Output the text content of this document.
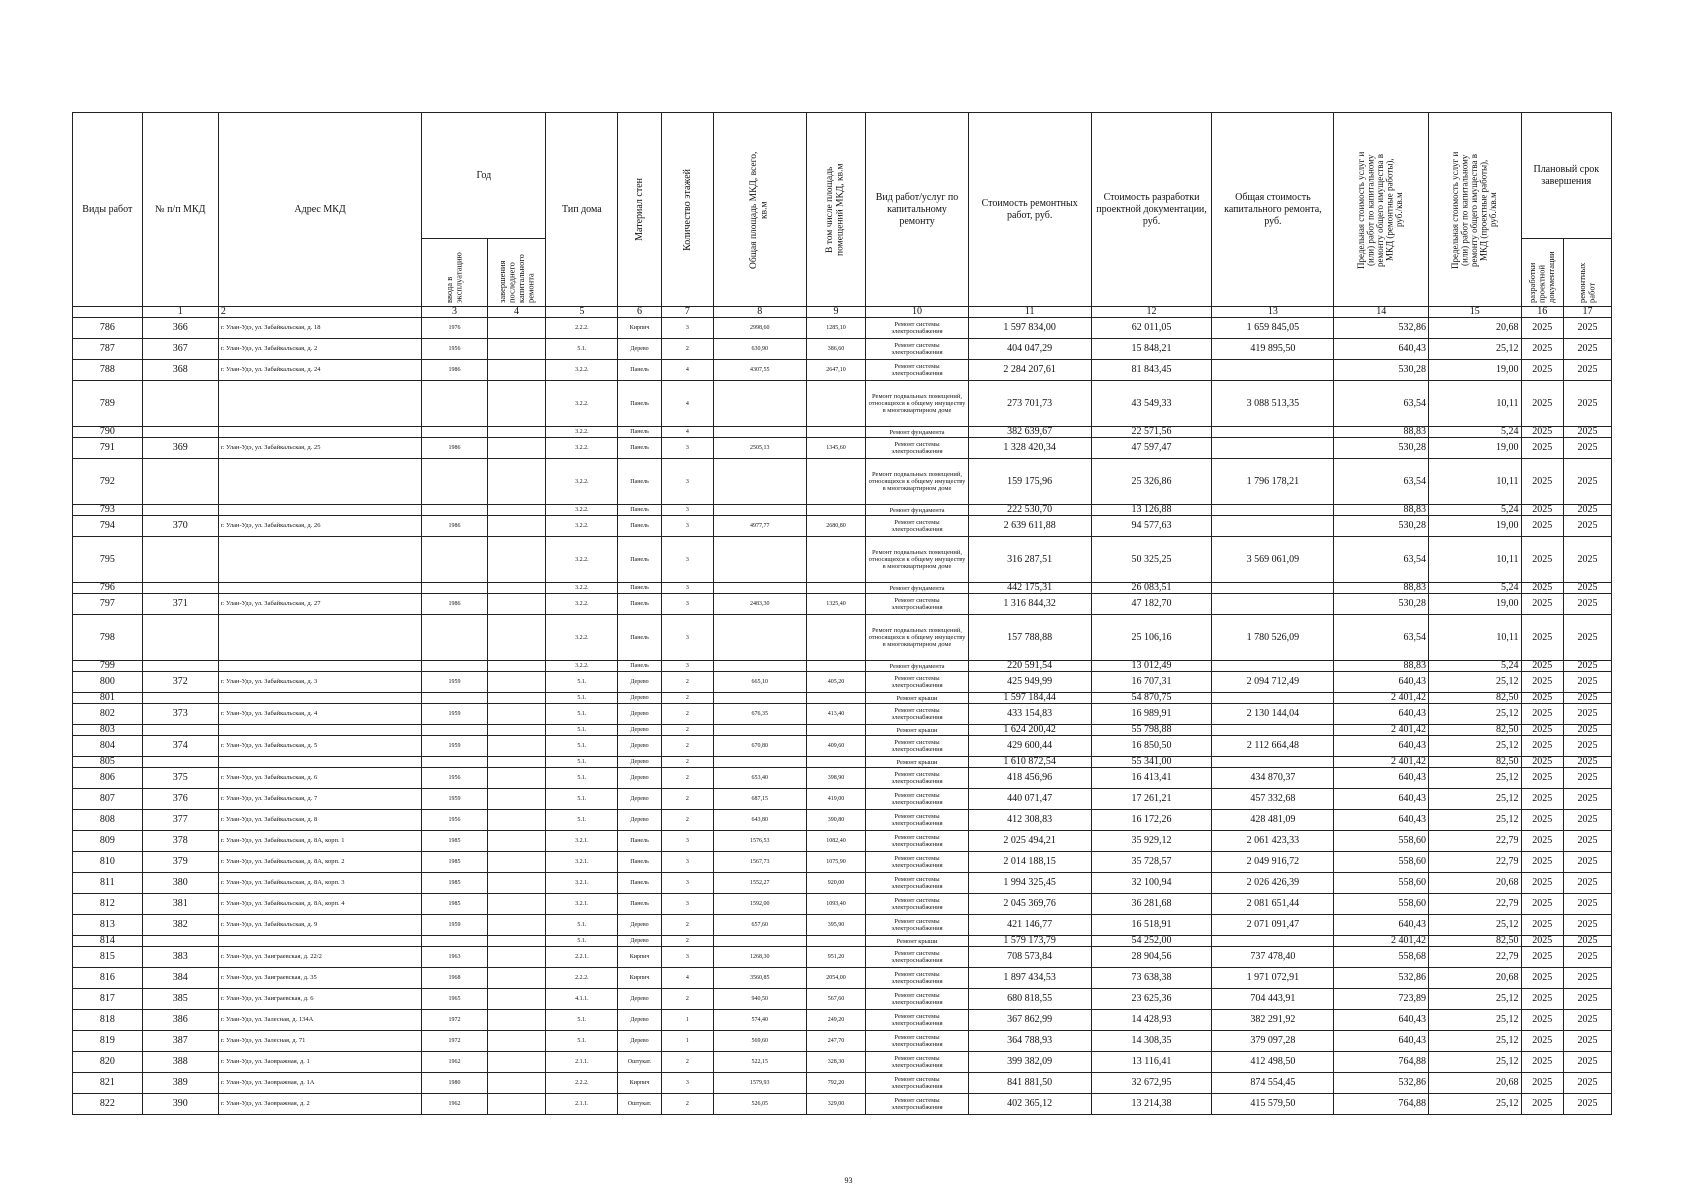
Виды работ	№ п/п МКД	Адрес МКД	Год		Тип дома	Материал стен	Количество этажей	Общая площадь МКД, всего, кв.м	В том числе площадь помещений МКД, кв.м	Вид работ/услуг по капитальному ремонту	Стоимость ремонтных работ, руб.	Стоимость разработки проектной документации, руб.	Общая стоимость капитального ремонта, руб.	Предельная стоимость услуг и (или) работ по капитальному ремонту общего имущества в МКД (ремонтные работы), руб./кв.м	Предельная стоимость услуг и (или) работ по капитальному ремонту общего имущества в МКД (проектные работы), руб./кв.м	Плановый срок завершения	

			ввода в эксплуатацию	завершения последнего капитального ремонта												разработки проектной документации	ремонтных работ

	1	2	3	4	5	6	7	8	9	10	11	12	13	14	15	16	17
786	366	г. Улан-Удэ, ул. Забайкальская, д. 18	1976		2.2.2.	Кирпич	3	2998,60	1285,10	Ремонт системы электроснабжения	1 597 834,00	62 011,05	1 659 845,05	532,86	20,68	2025	2025
787	367	г. Улан-Удэ, ул. Забайкальская, д. 2	1956		5.1.	Дерево	2	630,90	386,60	Ремонт системы электроснабжения	404 047,29	15 848,21	419 895,50	640,43	25,12	2025	2025
788	368	г. Улан-Удэ, ул. Забайкальская, д. 24	1986		3.2.2.	Панель	4	4307,55	2647,10	Ремонт системы электроснабжения	2 284 207,61	81 843,45		530,28	19,00	2025	2025
789					3.2.2.	Панель	4			Ремонт подвальных помещений, относящихся к общему имуществу в многоквартирном доме	273 701,73	43 549,33	3 088 513,35	63,54	10,11	2025	2025
790					3.2.2.	Панель	4			Ремонт фундамента	382 639,67	22 571,56		88,83	5,24	2025	2025
791	369	г. Улан-Удэ, ул. Забайкальская, д. 25	1986		3.2.2.	Панель	3	2505,13	1345,60	Ремонт системы электроснабжения	1 328 420,34	47 597,47		530,28	19,00	2025	2025
792					3.2.2.	Панель	3			Ремонт подвальных помещений, относящихся к общему имуществу в многоквартирном доме	159 175,96	25 326,86	1 796 178,21	63,54	10,11	2025	2025
793					3.2.2.	Панель	3			Ремонт фундамента	222 530,70	13 126,88		88,83	5,24	2025	2025
794	370	г. Улан-Удэ, ул. Забайкальская, д. 26	1986		3.2.2.	Панель	3	4977,77	2680,80	Ремонт системы электроснабжения	2 639 611,88	94 577,63		530,28	19,00	2025	2025
795					3.2.2.	Панель	3			Ремонт подвальных помещений, относящихся к общему имуществу в многоквартирном доме	316 287,51	50 325,25	3 569 061,09	63,54	10,11	2025	2025
796					3.2.2.	Панель	3			Ремонт фундамента	442 175,31	26 083,51		88,83	5,24	2025	2025
797	371	г. Улан-Удэ, ул. Забайкальская, д. 27	1986		3.2.2.	Панель	3	2483,30	1325,40	Ремонт системы электроснабжения	1 316 844,32	47 182,70		530,28	19,00	2025	2025
798					3.2.2.	Панель	3			Ремонт подвальных помещений, относящихся к общему имуществу в многоквартирном доме	157 788,88	25 106,16	1 780 526,09	63,54	10,11	2025	2025
799					3.2.2.	Панель	3			Ремонт фундамента	220 591,54	13 012,49		88,83	5,24	2025	2025
800	372	г. Улан-Удэ, ул. Забайкальская, д. 3	1959		5.1.	Дерево	2	665,10	405,20	Ремонт системы электроснабжения	425 949,99	16 707,31	2 094 712,49	640,43	25,12	2025	2025
801					5.1.	Дерево	2			Ремонт крыши	1 597 184,44	54 870,75		2 401,42	82,50	2025	2025
802	373	г. Улан-Удэ, ул. Забайкальская, д. 4	1959		5.1.	Дерево	2	676,35	413,40	Ремонт системы электроснабжения	433 154,83	16 989,91	2 130 144,04	640,43	25,12	2025	2025
803					5.1.	Дерево	2			Ремонт крыши	1 624 200,42	55 798,88		2 401,42	82,50	2025	2025
804	374	г. Улан-Удэ, ул. Забайкальская, д. 5	1959		5.1.	Дерево	2	670,80	409,60	Ремонт системы электроснабжения	429 600,44	16 850,50	2 112 664,48	640,43	25,12	2025	2025
805					5.1.	Дерево	2			Ремонт крыши	1 610 872,54	55 341,00		2 401,42	82,50	2025	2025
806	375	г. Улан-Удэ, ул. Забайкальская, д. 6	1956		5.1.	Дерево	2	653,40	398,90	Ремонт системы электроснабжения	418 456,96	16 413,41	434 870,37	640,43	25,12	2025	2025
807	376	г. Улан-Удэ, ул. Забайкальская, д. 7	1959		5.1.	Дерево	2	687,15	419,00	Ремонт системы электроснабжения	440 071,47	17 261,21	457 332,68	640,43	25,12	2025	2025
808	377	г. Улан-Удэ, ул. Забайкальская, д. 8	1956		5.1.	Дерево	2	643,80	390,80	Ремонт системы электроснабжения	412 308,83	16 172,26	428 481,09	640,43	25,12	2025	2025
809	378	г. Улан-Удэ, ул. Забайкальская, д. 8А, корп. 1	1985		3.2.1.	Панель	3	1576,53	1082,40	Ремонт системы электроснабжения	2 025 494,21	35 929,12	2 061 423,33	558,60	22,79	2025	2025
810	379	г. Улан-Удэ, ул. Забайкальская, д. 8А, корп. 2	1985		3.2.1.	Панель	3	1567,73	1075,90	Ремонт системы электроснабжения	2 014 188,15	35 728,57	2 049 916,72	558,60	22,79	2025	2025
811	380	г. Улан-Удэ, ул. Забайкальская, д. 8А, корп. 3	1985		3.2.1.	Панель	3	1552,27	920,00	Ремонт системы электроснабжения	1 994 325,45	32 100,94	2 026 426,39	558,60	20,68	2025	2025
812	381	г. Улан-Удэ, ул. Забайкальская, д. 8А, корп. 4	1985		3.2.1.	Панель	3	1592,00	1093,40	Ремонт системы электроснабжения	2 045 369,76	36 281,68	2 081 651,44	558,60	22,79	2025	2025
813	382	г. Улан-Удэ, ул. Забайкальская, д. 9	1959		5.1.	Дерево	2	657,60	395,90	Ремонт системы электроснабжения	421 146,77	16 518,91	2 071 091,47	640,43	25,12	2025	2025
814					5.1.	Дерево	2			Ремонт крыши	1 579 173,79	54 252,00		2 401,42	82,50	2025	2025
815	383	г. Улан-Удэ, ул. Заиграевская, д. 22/2	1963		2.2.1.	Кирпич	3	1268,30	951,20	Ремонт системы электроснабжения	708 573,84	28 904,56	737 478,40	558,68	22,79	2025	2025
816	384	г. Улан-Удэ, ул. Заиграевская, д. 35	1968		2.2.2.	Кирпич	4	3560,85	2054,00	Ремонт системы электроснабжения	1 897 434,53	73 638,38	1 971 072,91	532,86	20,68	2025	2025
817	385	г. Улан-Удэ, ул. Заиграевская, д. 6	1965		4.1.1.	Дерево	2	940,50	567,60	Ремонт системы электроснабжения	680 818,55	23 625,36	704 443,91	723,89	25,12	2025	2025
818	386	г. Улан-Удэ, ул. Залесная, д. 134А	1972		5.1.	Дерево	1	574,40	249,20	Ремонт системы электроснабжения	367 862,99	14 428,93	382 291,92	640,43	25,12	2025	2025
819	387	г. Улан-Удэ, ул. Залесная, д. 71	1972		5.1.	Дерево	1	569,60	247,70	Ремонт системы электроснабжения	364 788,93	14 308,35	379 097,28	640,43	25,12	2025	2025
820	388	г. Улан-Удэ, ул. Заовражная, д. 1	1962		2.1.1.	Оштукат.	2	522,15	328,30	Ремонт системы электроснабжения	399 382,09	13 116,41	412 498,50	764,88	25,12	2025	2025
821	389	г. Улан-Удэ, ул. Заовражная, д. 1А	1980		2.2.2.	Кирпич	3	1579,93	792,20	Ремонт системы электроснабжения	841 881,50	32 672,95	874 554,45	532,86	20,68	2025	2025
822	390	г. Улан-Удэ, ул. Заовражная, д. 2	1962		2.1.1.	Оштукат.	2	526,05	329,00	Ремонт системы электроснабжения	402 365,12	13 214,38	415 579,50	764,88	25,12	2025	2025
93
